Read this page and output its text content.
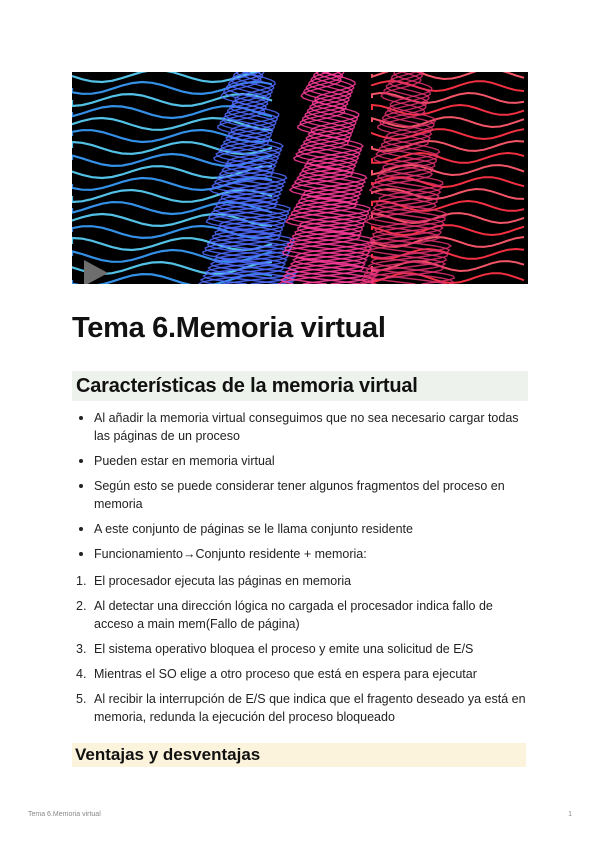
Tema 6.Memoria virtual
Características de la memoria virtual
Al añadir la memoria virtual conseguimos que no sea necesario cargar todas las páginas de un proceso
Pueden estar en memoria virtual
Según esto se puede considerar tener algunos fragmentos del proceso en memoria
A este conjunto de páginas se le llama conjunto residente
Funcionamiento→Conjunto residente + memoria:
1. El procesador ejecuta las páginas en memoria
2. Al detectar una dirección lógica no cargada el procesador indica fallo de acceso a main mem(Fallo de página)
3. El sistema operativo bloquea el proceso y emite una solicitud de E/S
4. Mientras el SO elige a otro proceso que está en espera para ejecutar
5. Al recibir la interrupción de E/S que indica que el fragento deseado ya está en memoria, redunda la ejecución del proceso bloqueado
Ventajas y desventajas
Tema 6.Memoria virtual	1
